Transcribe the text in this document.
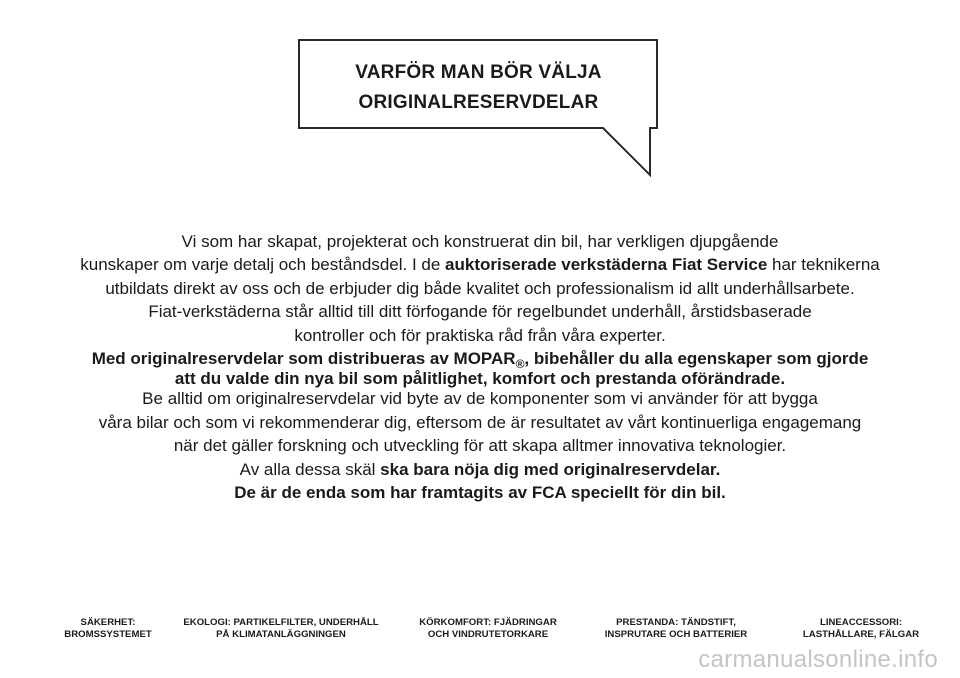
VARFÖR MAN BÖR VÄLJA
ORIGINALRESERVDELAR
Vi som har skapat, projekterat och konstruerat din bil, har verkligen djupgående
kunskaper om varje detalj och beståndsdel. I de auktoriserade verkstäderna Fiat Service har teknikerna
utbildats direkt av oss och de erbjuder dig både kvalitet och professionalism id allt underhållsarbete.
Fiat-verkstäderna står alltid till ditt förfogande för regelbundet underhåll, årstidsbaserade
kontroller och för praktiska råd från våra experter.
Med originalreservdelar som distribueras av $MOPAR_®$, bibehåller du alla egenskaper som gjorde
att du valde din nya bil som pålitlighet, komfort och prestanda oförändrade.
Be alltid om originalreservdelar vid byte av de komponenter som vi använder för att bygga
våra bilar och som vi rekommenderar dig, eftersom de är resultatet av vårt kontinuerliga engagemang
när det gäller forskning och utveckling för att skapa alltmer innovativa teknologier.
Av alla dessa skäl ska bara nöja dig med originalreservdelar.
De är de enda som har framtagits av FCA speciellt för din bil.
SÄKERHET:
BROMSSYSTEMET
EKOLOGI: PARTIKELFILTER, UNDERHÅLL
PÅ KLIMATANLÄGGNINGEN
KÖRKOMFORT: FJÄDRINGAR
OCH VINDRUTETORKARE
PRESTANDA: TÄNDSTIFT,
INSPRUTARE OCH BATTERIER
LINEACCESSORI:
LASTHÅLLARE, FÄLGAR
carmanualsonline.info
